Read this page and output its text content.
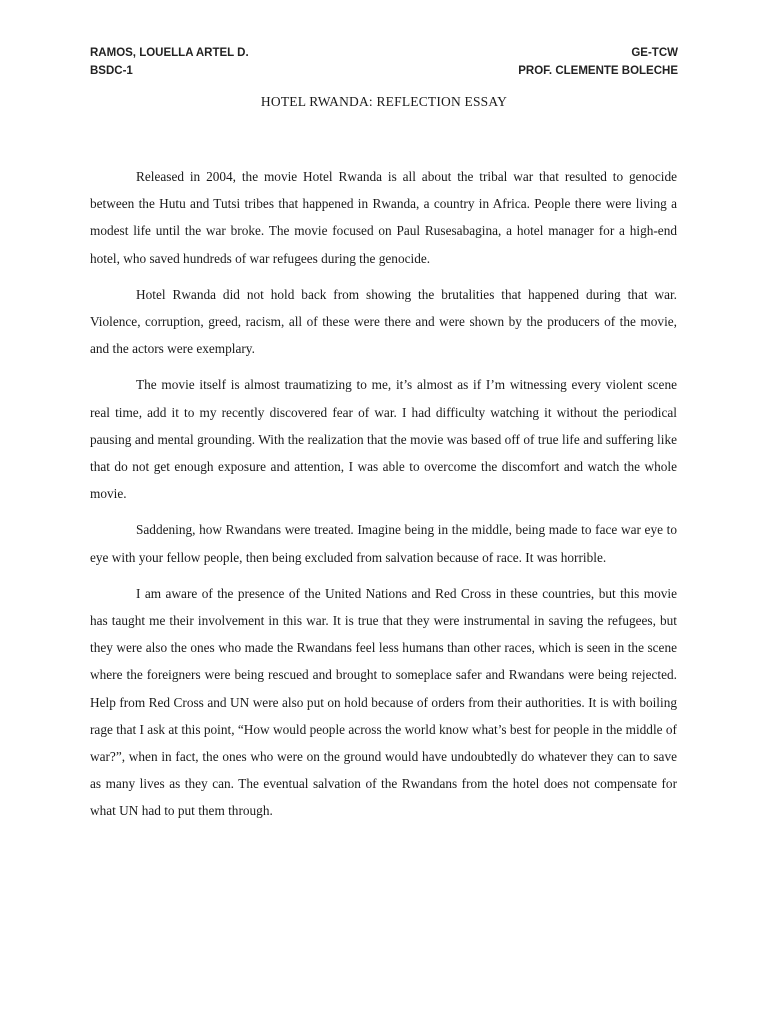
RAMOS, LOUELLA ARTEL D.	GE-TCW
BSDC-1	PROF. CLEMENTE BOLECHE
HOTEL RWANDA: REFLECTION ESSAY

Released in 2004, the movie Hotel Rwanda is all about the tribal war that resulted to genocide between the Hutu and Tutsi tribes that happened in Rwanda, a country in Africa. People there were living a modest life until the war broke. The movie focused on Paul Rusesabagina, a hotel manager for a high-end hotel, who saved hundreds of war refugees during the genocide.

Hotel Rwanda did not hold back from showing the brutalities that happened during that war. Violence, corruption, greed, racism, all of these were there and were shown by the producers of the movie, and the actors were exemplary.

The movie itself is almost traumatizing to me, it’s almost as if I’m witnessing every violent scene real time, add it to my recently discovered fear of war. I had difficulty watching it without the periodical pausing and mental grounding. With the realization that the movie was based off of true life and suffering like that do not get enough exposure and attention, I was able to overcome the discomfort and watch the whole movie.

Saddening, how Rwandans were treated. Imagine being in the middle, being made to face war eye to eye with your fellow people, then being excluded from salvation because of race. It was horrible.

I am aware of the presence of the United Nations and Red Cross in these countries, but this movie has taught me their involvement in this war. It is true that they were instrumental in saving the refugees, but they were also the ones who made the Rwandans feel less humans than other races, which is seen in the scene where the foreigners were being rescued and brought to someplace safer and Rwandans were being rejected. Help from Red Cross and UN were also put on hold because of orders from their authorities. It is with boiling rage that I ask at this point, “How would people across the world know what’s best for people in the middle of war?”, when in fact, the ones who were on the ground would have undoubtedly do whatever they can to save as many lives as they can. The eventual salvation of the Rwandans from the hotel does not compensate for what UN had to put them through.
